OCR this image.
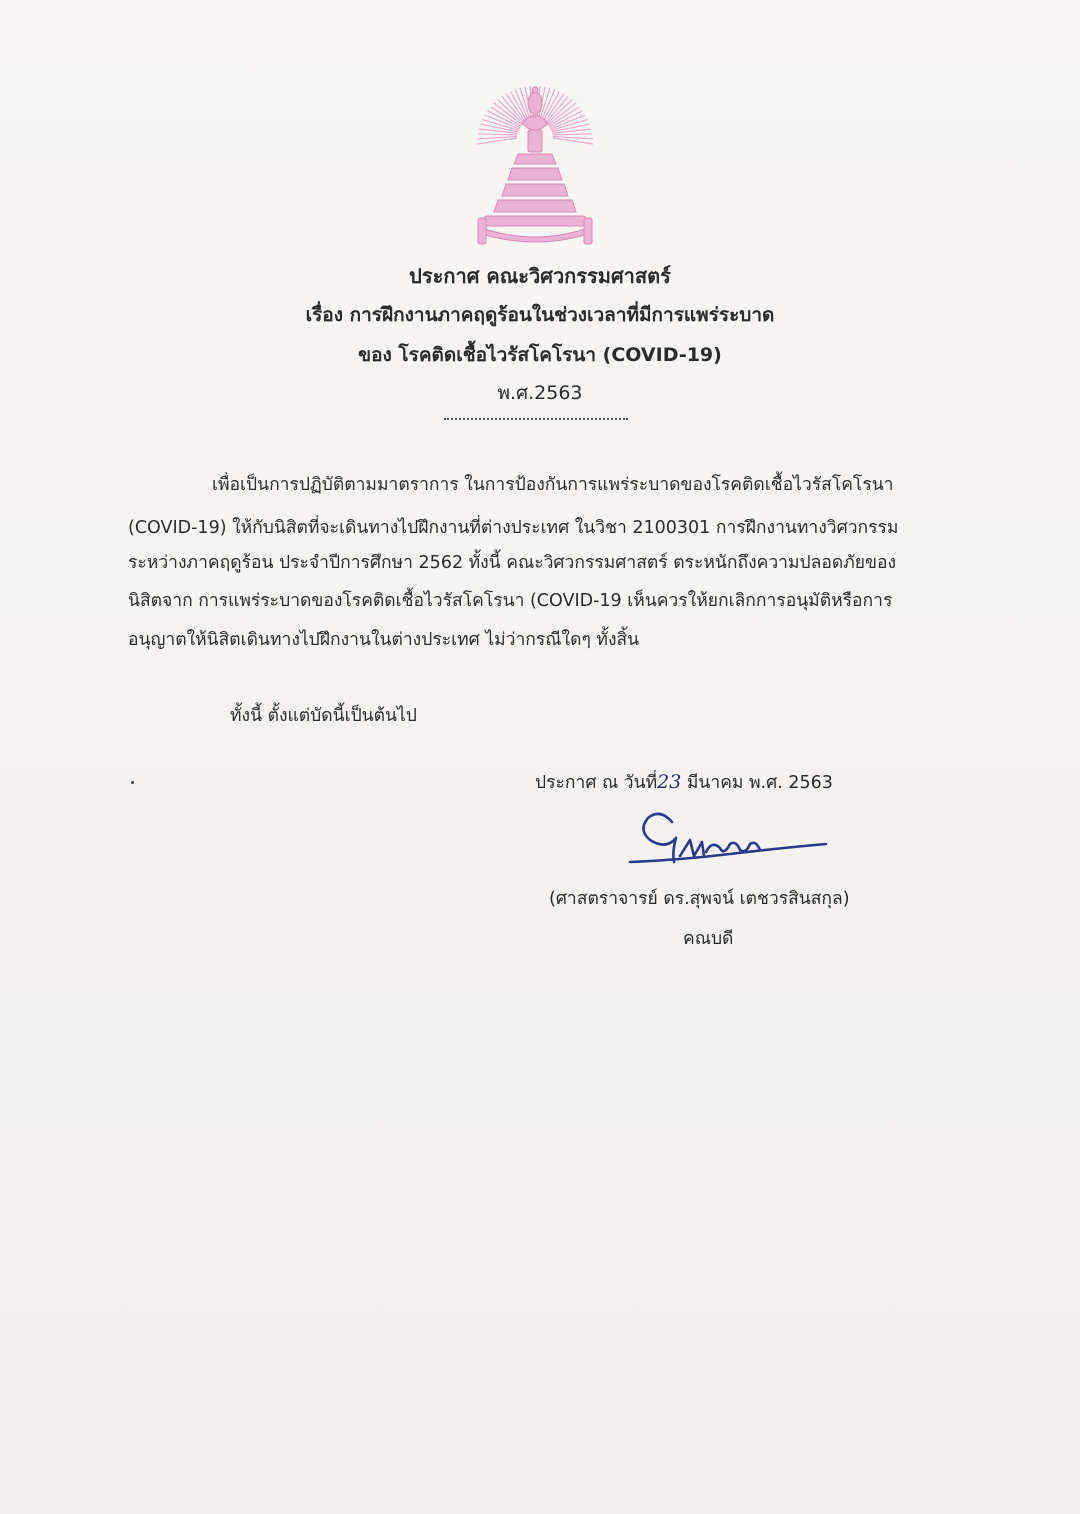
ประกาศ คณะวิศวกรรมศาสตร์
เรื่อง การฝึกงานภาคฤดูร้อนในช่วงเวลาที่มีการแพร่ระบาด
ของ โรคติดเชื้อไวรัสโคโรนา (COVID-19)
พ.ศ.2563
เพื่อเป็นการปฏิบัติตามมาตราการ ในการป้องกันการแพร่ระบาดของโรคติดเชื้อไวรัสโคโรนา
(COVID-19) ให้กับนิสิตที่จะเดินทางไปฝึกงานที่ต่างประเทศ ในวิชา 2100301 การฝึกงานทางวิศวกรรม
ระหว่างภาคฤดูร้อน ประจำปีการศึกษา 2562 ทั้งนี้ คณะวิศวกรรมศาสตร์ ตระหนักถึงความปลอดภัยของ
นิสิตจาก การแพร่ระบาดของโรคติดเชื้อไวรัสโคโรนา (COVID-19 เห็นควรให้ยกเลิกการอนุมัติหรือการ
อนุญาตให้นิสิตเดินทางไปฝึกงานในต่างประเทศ ไม่ว่ากรณีใดๆ ทั้งสิ้น
ทั้งนี้ ตั้งแต่บัดนี้เป็นต้นไป
ประกาศ ณ วันที่23 มีนาคม พ.ศ. 2563
(ศาสตราจารย์ ดร.สุพจน์ เตชวรสินสกุล)
คณบดี
